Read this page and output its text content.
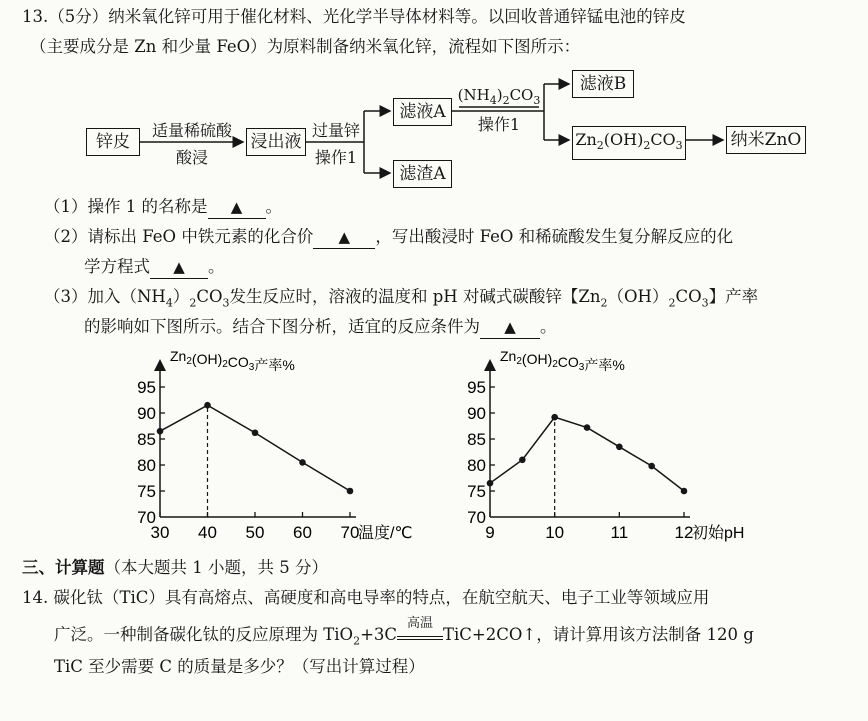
13.（5分）纳米氧化锌可用于催化材料、光化学半导体材料等。以回收普通锌锰电池的锌皮
（主要成分是 Zn 和少量 FeO）为原料制备纳米氧化锌，流程如下图所示：
锌皮
适量稀硫酸
酸浸
浸出液
过量锌
操作1
滤液A
滤渣A
$(NH_4)_2CO_3$
操作1
滤液B
$Zn_2(OH)_2CO_3$	纳米ZnO
（1）操作 1 的名称是 ▲ 。
（2）请标出 FeO 中铁元素的化合价 ▲ ，写出酸浸时 FeO 和稀硫酸发生复分解反应的化
学方程式 ▲ 。
（3）加入$(NH_4)_2CO_3$发生反应时，溶液的温度和 pH 对碱式碳酸锌【$Zn_2(OH)_2CO_3$】产率
的影响如下图所示。结合下图分析，适宜的反应条件为 ▲ 。
70
75
80
85
90
95
30 40 50 60 70
温度/℃
$Zn_2(OH)_2CO_3$产率%
70
75
80
85
90
95
9	10	11	12
初始pH
$Zn_2(OH)_2CO_3$产率%
三、计算题（本大题共 1 小题，共 5 分）
14. 碳化钛（TiC）具有高熔点、高硬度和高电导率的特点，在航空航天、电子工业等领域应用
广泛。一种制备碳化钛的反应原理为 TiO$_2$+3C
高温
TiC+2CO↑，请计算用该方法制备 120 g
TiC 至少需要 C 的质量是多少？（写出计算过程）
